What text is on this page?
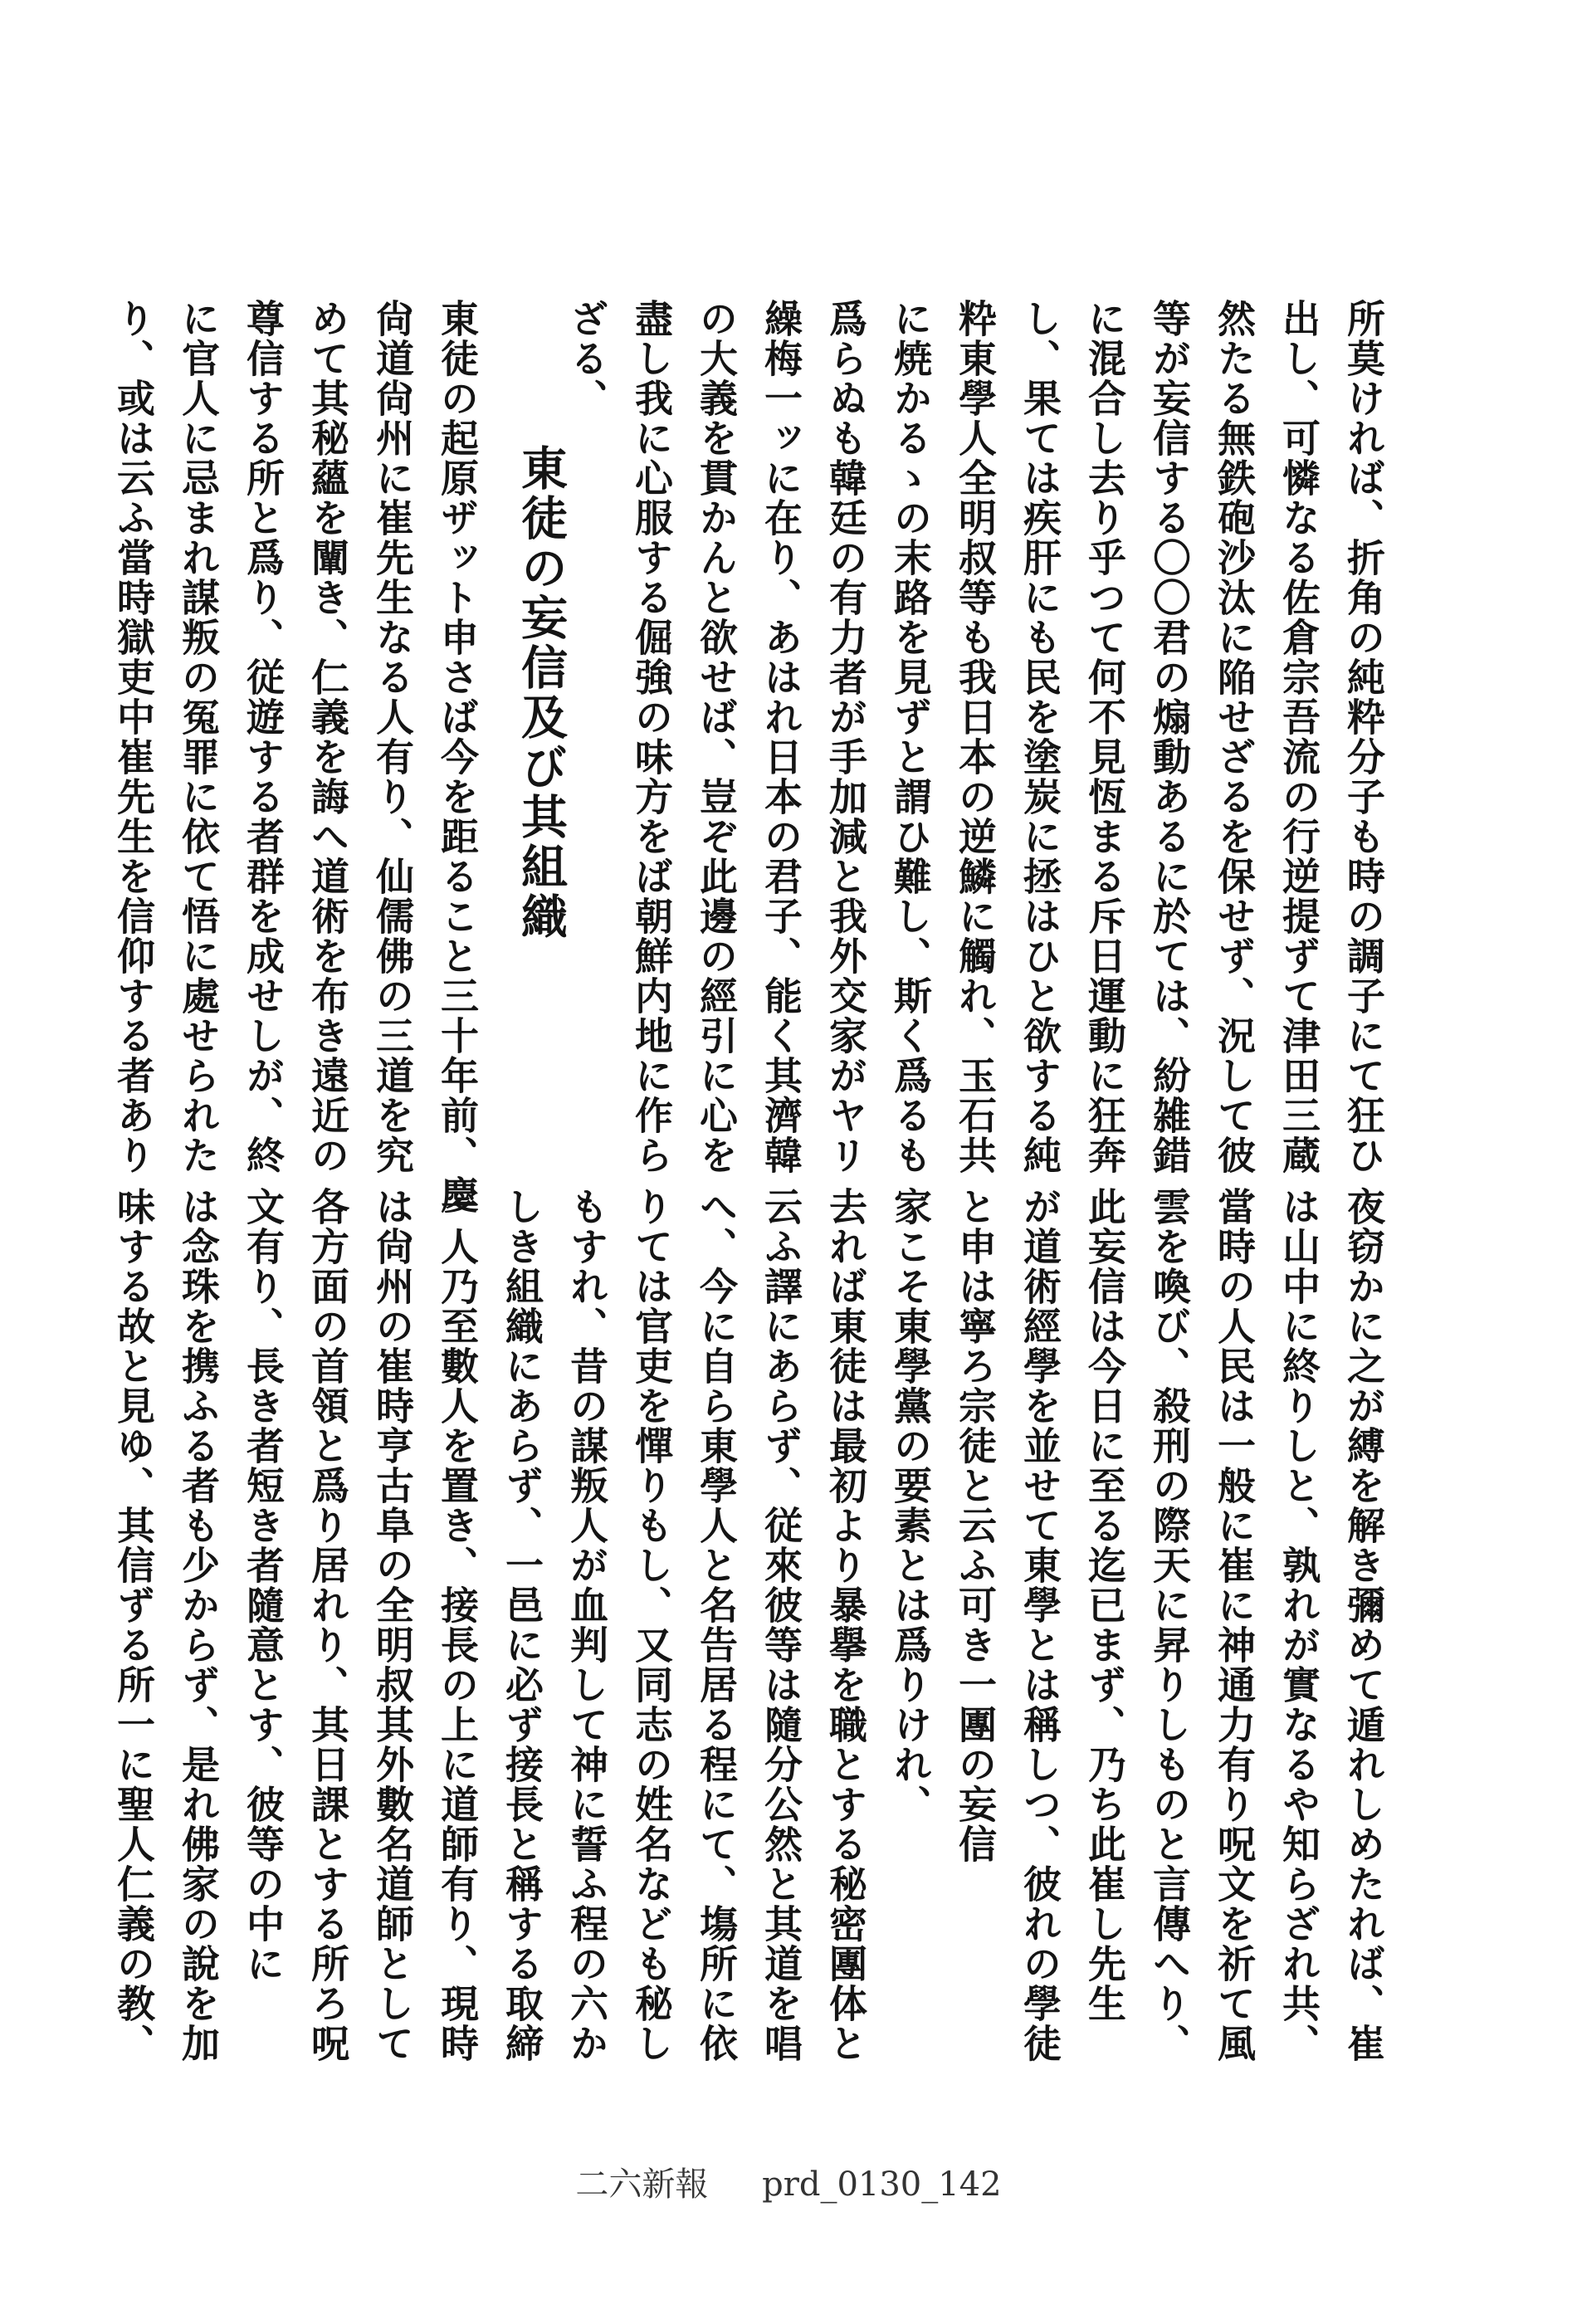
所莫ければ、折角の純粋分子も時の調子にて狂ひ
出し、可憐なる佐倉宗吾流の行逆提ずて津田三蔵
然たる無鉄砲沙汰に陥せざるを保せず、況して彼
等が妄信する〇〇君の煽動あるに於ては、紛雑錯
に混合し去り乎つて何不見恆まる斥日運動に狂奔
し、果ては疾肝にも民を塗炭に拯はひと欲する純
粋東學人全明叔等も我日本の逆鱗に觸れ、玉石共
に焼かるゝの末路を見ずと謂ひ難し、斯く爲るも
爲らぬも韓廷の有力者が手加減と我外交家がヤリ
繰梅一ッに在り、あはれ日本の君子、能く其濟韓
の大義を貫かんと欲せば、豈ぞ此邊の經引に心を
盡し我に心服する倔強の味方をば朝鮮内地に作ら
ざる、

東徒の起原ザット申さば今を距ること三十年前、慶
尙道尙州に崔先生なる人有り、仙儒佛の三道を究
めて其秘蘊を闡き、仁義を誨へ道術を布き遠近の
尊信する所と爲り、従遊する者群を成せしが、終
に官人に忌まれ謀叛の冤罪に依て悟に處せられた
り、或は云ふ當時獄吏中崔先生を信仰する者あり	東徒の妄信及び其組織
夜窃かに之が縛を解き彌めて遁れしめたれば、崔
は山中に終りしと、孰れが實なるや知らざれ共、
當時の人民は一般に崔に神通力有り呪文を祈て風
雲を喚び、殺刑の際天に昇りしものと言傳へり、
此妄信は今日に至る迄已まず、乃ち此崔し先生
が道術經學を並せて東學とは稱しつ、彼れの學徒
と申は寧ろ宗徒と云ふ可き一團の妄信
家こそ東學黨の要素とは爲りけれ、
去れば東徒は最初より暴擧を職とする秘密團体と
云ふ譯にあらず、従來彼等は隨分公然と其道を唱
へ、今に自ら東學人と名告居る程にて、塲所に依
りては官吏を憚りもし、又同志の姓名なども秘し
もすれ、昔の謀叛人が血判して神に誓ふ程の六か
しき組織にあらず、一邑に必ず接長と稱する取締
一人乃至數人を置き、接長の上に道師有り、現時
は尙州の崔時亨古阜の全明叔其外數名道師として
各方面の首領と爲り居れり、其日課とする所ろ呪
文有り、長き者短き者隨意とす、彼等の中に
は念珠を携ふる者も少からず、是れ佛家の說を加
味する故と見ゆ、其信ずる所一に聖人仁義の教、
二六新報 prd_0130_142
